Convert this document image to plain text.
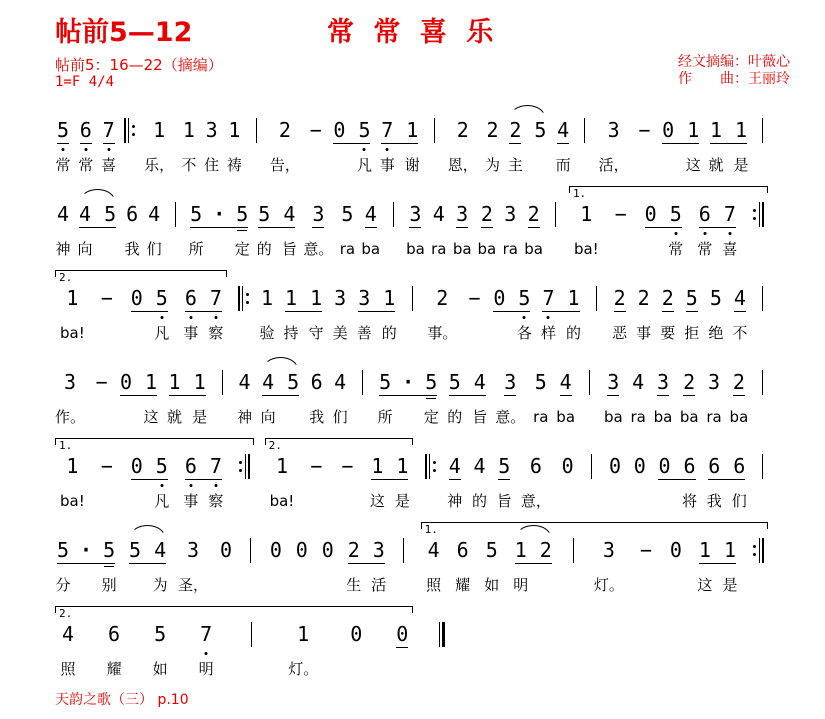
帖前5—12	常 常 喜 乐
帖前5：16—22（摘编）
1=F 4/4
经文摘编：叶薇心
作　　曲：王丽玲
5
常
6
常
7
喜

1
乐，
1
不
3
住
1
祷

2
告，
−
0
5
凡
7
事
1
谢

2
恩，
2
为
2
主
5
4
而

3
活，
−
0
1
这
1
就
1
是

4
神
4
向
5
6
我
4
们

5
所
·
5
定
5
的
4
旨
3
意。
5
ra
4
ba

3
ba
4
ra
3
ba
2
ba
3
ra
2
ba

1.
1
ba!
−
0
5
常
6
常
7
喜

2.
1
ba!
−
0
5
凡
6
事
7
察

1
验
1
持
1
守
3
美
3
善
1
的

2
事。
−
0
5
各
7
样
1
的

2
恶
2
事
2
要
5
拒
5
绝
4
不

3
作。
−
0
1
这
1
就
1
是

4
神
4
向
5
6
我
4
们

5
所
·
5
定
5
的
4
旨
3
意。
5
ra
4
ba

3
ba
4
ra
3
ba
2
ba
3
ra
2
ba

1.
1
ba!
−
0
5
凡
6
事
7
察

2.
1
ba!
−
−
1
这
1
是

4
神
4
的
5
旨
6
意，
0

0
0
0
6
将
6
我
6
们

5
分
·
5
别
5
4
为
3
圣，
0

0
0
0
2
生
3
活

1.
4
照
6
耀
5
如
1
明
2

	3
灯。
−
0
1
这
1
是

2.
4
照
6
耀
5
如
7
明

1
灯。
0
0

天韵之歌（三） p.10
